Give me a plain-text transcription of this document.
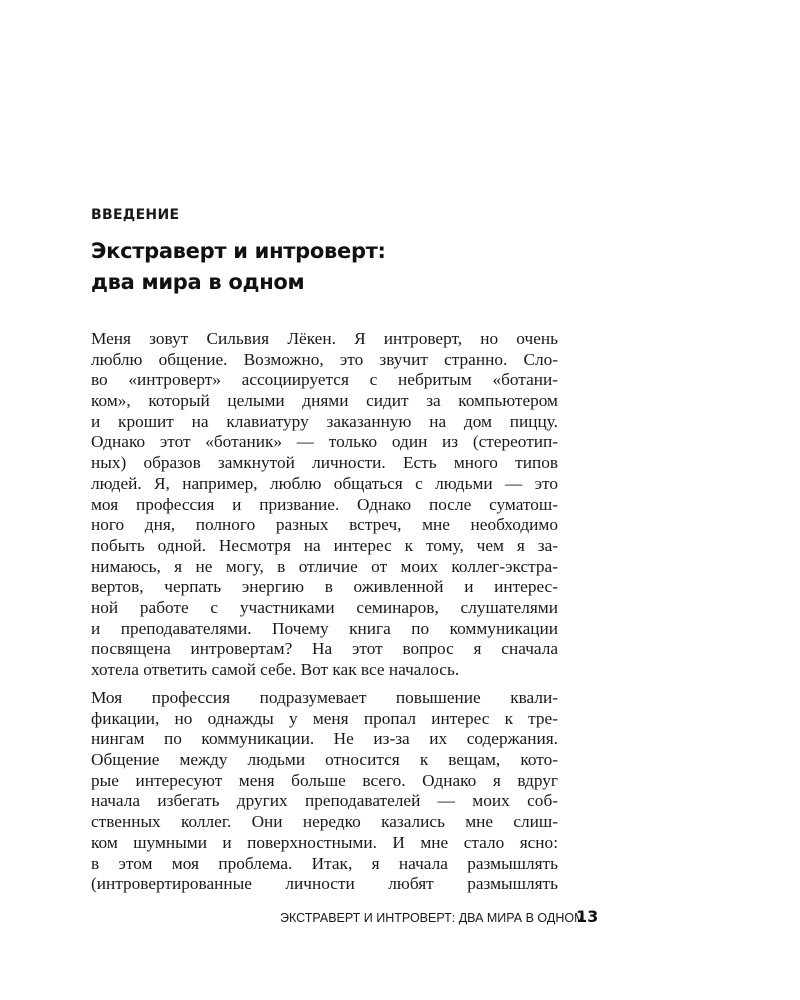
ВВЕДЕНИЕ

Экстраверт и интроверт:
два мира в одном
Меня зовут Сильвия Лёкен. Я интроверт, но очень
люблю общение. Возможно, это звучит странно. Сло-
во «интроверт» ассоциируется с небритым «ботани-
ком», который целыми днями сидит за компьютером
и крошит на клавиатуру заказанную на дом пиццу.
Однако этот «ботаник» — только один из (стереотип-
ных) образов замкнутой личности. Есть много типов
людей. Я, например, люблю общаться с людьми — это
моя профессия и призвание. Однако после суматош-
ного дня, полного разных встреч, мне необходимо
побыть одной. Несмотря на интерес к тому, чем я за-
нимаюсь, я не могу, в отличие от моих коллег-экстра-
вертов, черпать энергию в оживленной и интерес-
ной работе с участниками семинаров, слушателями
и преподавателями. Почему книга по коммуникации
посвящена интровертам? На этот вопрос я сначала
хотела ответить самой себе. Вот как все началось.
Моя профессия подразумевает повышение квали-
фикации, но однажды у меня пропал интерес к тре-
нингам по коммуникации. Не из-за их содержания.
Общение между людьми относится к вещам, кото-
рые интересуют меня больше всего. Однако я вдруг
начала избегать других преподавателей — моих соб-
ственных коллег. Они нередко казались мне слиш-
ком шумными и поверхностными. И мне стало ясно:
в этом моя проблема. Итак, я начала размышлять
(интровертированные личности любят размышлять
ЭКСТРАВЕРТ И ИНТРОВЕРТ: ДВА МИРА В ОДНОМ
13
